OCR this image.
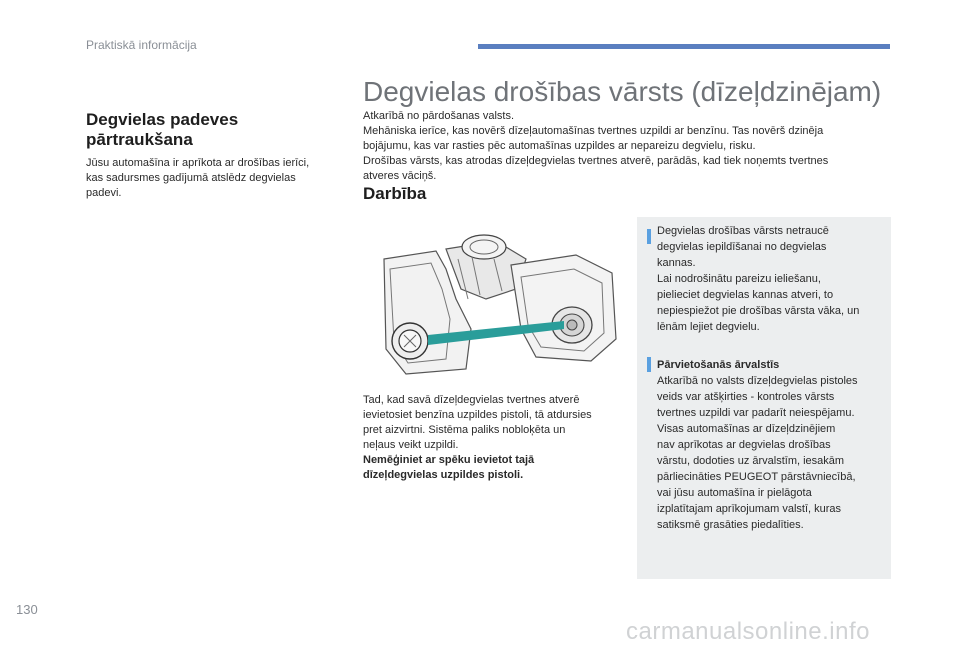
Praktiskā informācija
Degvielas padeves
pārtraukšana
Jūsu automašīna ir aprīkota ar drošības ierīci,
kas sadursmes gadījumā atslēdz degvielas
padevi.
Degvielas drošības vārsts (dīzeļdzinējam)
Atkarībā no pārdošanas valsts.
Mehāniska ierīce, kas novērš dīzeļautomašīnas tvertnes uzpildi ar benzīnu. Tas novērš dzinēja
bojājumu, kas var rasties pēc automašīnas uzpildes ar nepareizu degvielu, risku.
Drošības vārsts, kas atrodas dīzeļdegvielas tvertnes atverē, parādās, kad tiek noņemts tvertnes
atveres vāciņš.
Darbība
Tad, kad savā dīzeļdegvielas tvertnes atverē
ievietosiet benzīna uzpildes pistoli, tā atdursies
pret aizvirtni. Sistēma paliks nobloķēta un
neļaus veikt uzpildi.
Nemēģiniet ar spēku ievietot tajā
dīzeļdegvielas uzpildes pistoli.
Degvielas drošības vārsts netraucē
degvielas iepildīšanai no degvielas
kannas.
Lai nodrošinātu pareizu ieliešanu,
pielieciet degvielas kannas atveri, to
nepiespiežot pie drošības vārsta vāka, un
lēnām lejiet degvielu.
Pārvietošanās ārvalstīs
Atkarībā no valsts dīzeļdegvielas pistoles
veids var atšķirties - kontroles vārsts
tvertnes uzpildi var padarīt neiespējamu.
Visas automašīnas ar dīzeļdzinējiem
nav aprīkotas ar degvielas drošības
vārstu, dodoties uz ārvalstīm, iesakām
pārliecināties PEUGEOT pārstāvniecībā,
vai jūsu automašīna ir pielāgota
izplatītajam aprīkojumam valstī, kuras
satiksmē grasāties piedalīties.
130
carmanualsonline.info
